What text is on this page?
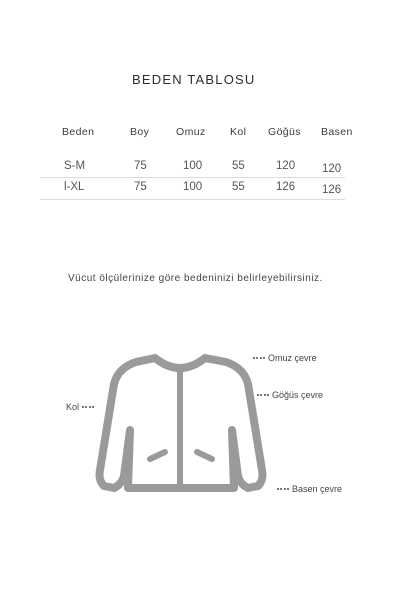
BEDEN TABLOSU
Beden	Boy	Omuz Kol Göğüs Basen
S-M	75	100	55	120 120
l-XL	75	100	55	126 126
Vücut ölçülerinize göre bedeninizi belirleyebilirsiniz.
Omuz çevre
Göğüs çevre
Kol
Basen çevre
